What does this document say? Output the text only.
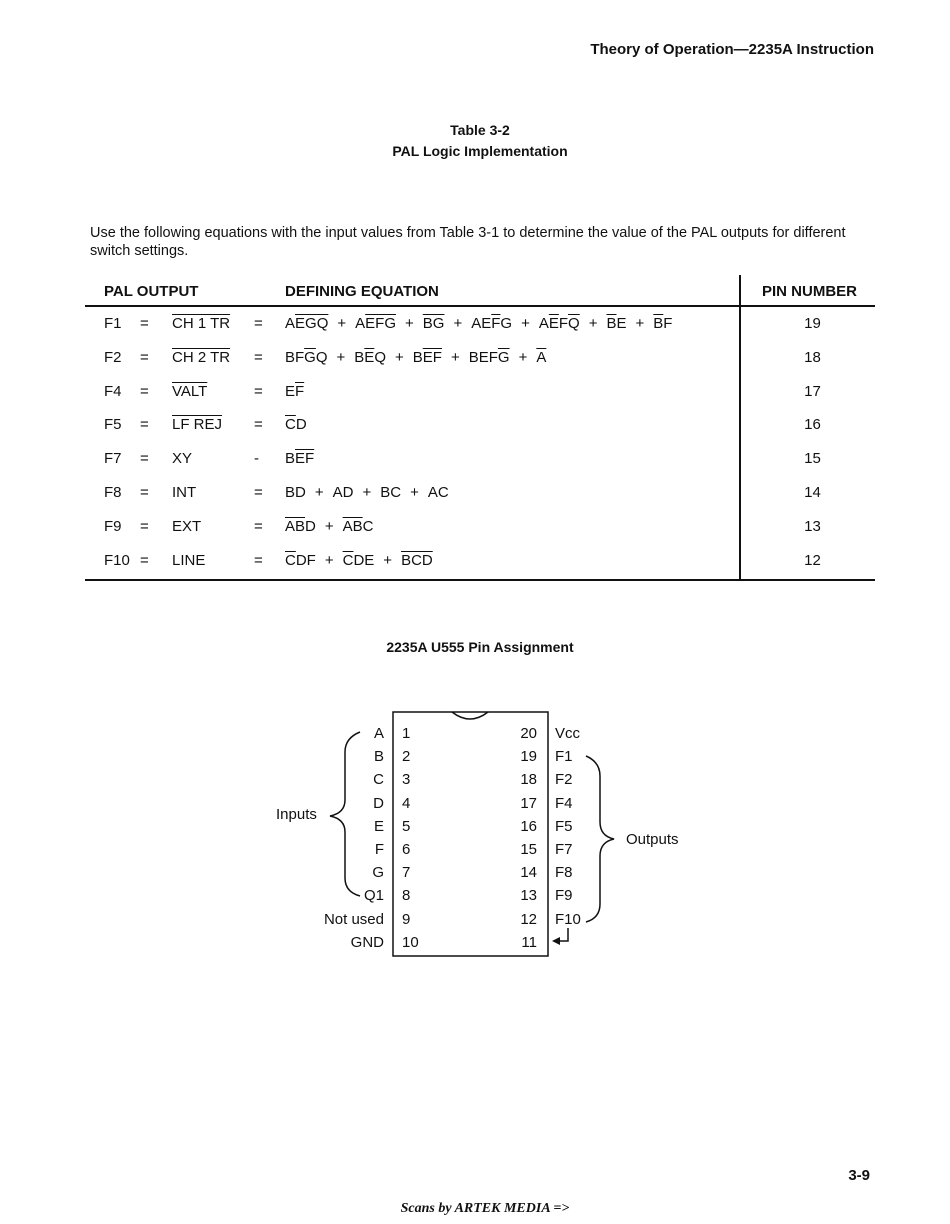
Theory of Operation—2235A Instruction
Table 3-2
PAL Logic Implementation
Use the following equations with the input values from Table 3-1 to determine the value of the PAL outputs for different switch settings.
PAL OUTPUT	DEFINING EQUATION	PIN NUMBER
F1 = CH 1 TR = $A\overline{E}\overline{GQ} + A\overline{EFG} + \overline{BG} + AE\overline{F}G + A\overline{E}F\overline{Q} + \overline{B}E + \overline{B}F$	19
F2 = CH 2 TR = $BF\overline{G}Q + B\overline{E}Q + B\overline{EF} + BEF\overline{G} + \overline{A}$	18
F4 = VALT	= $E\overline{F}$	17
F5 = LF REJ = $\overline{C}D$	16
F7 = XY	- $B\overline{EF}$	15
F8 = INT	= BD + AD + BC + AC	14
F9 = EXT	= $\overline{AB}D + \overline{AB}C$	13
F10 = LINE	= $\overline{C}DF + \overline{C}DE + \overline{BCD}$	12
2235A U555 Pin Assignment
Inputs
Outputs
A 1	20 Vcc
B 2	19 F1
C 3	18 F2
D 4	17 F4
E 5	16 F5
F 6	15 F7
G 7	14 F8
Q1 8	13 F9
Not used 9	12 F10
GND 10	11
3-9
Scans by ARTEK MEDIA =>
